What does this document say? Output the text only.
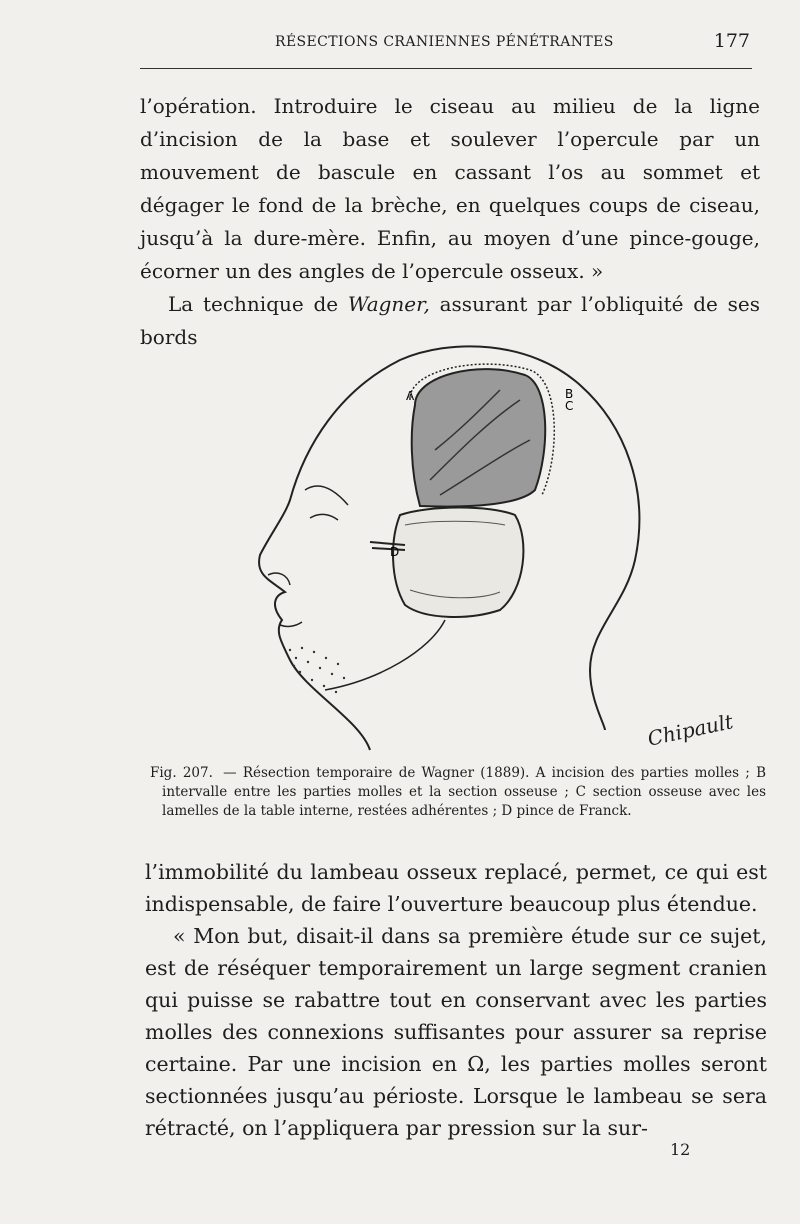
RÉSECTIONS CRANIENNES PÉNÉTRANTES	177

l’opération. Introduire le ciseau au milieu de la ligne d’incision de la base et soulever l’opercule par un mouvement de bascule en cassant l’os au sommet et dégager le fond de la brèche, en quelques coups de ciseau, jusqu’à la dure-mère. Enfin, au moyen d’une pince-gouge, écorner un des angles de l’opercule osseux. »

La technique de Wagner, assurant par l’obliquité de ses bords

A	B
C
D
Chipault
Fig. 207. — Résection temporaire de Wagner (1889). A incision des parties molles ; B intervalle entre les parties molles et la section osseuse ; C section osseuse avec les lamelles de la table interne, restées adhérentes ; D pince de Franck.

l’immobilité du lambeau osseux replacé, permet, ce qui est indispensable, de faire l’ouverture beaucoup plus étendue.

« Mon but, disait-il dans sa première étude sur ce sujet, est de réséquer temporairement un large segment cranien qui puisse se rabattre tout en conservant avec les parties molles des connexions suffisantes pour assurer sa reprise certaine. Par une incision en Ω, les parties molles seront sectionnées jusqu’au périoste. Lorsque le lambeau se sera rétracté, on l’appliquera par pression sur la sur-

12
